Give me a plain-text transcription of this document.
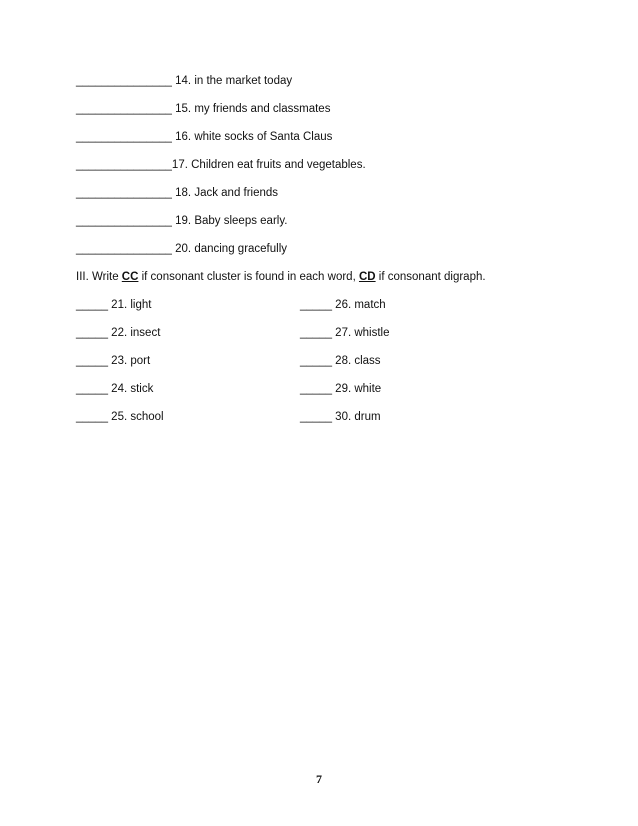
_______________ 14. in the market today
_______________ 15. my friends and classmates
_______________ 16. white socks of Santa Claus
_______________17. Children eat fruits and vegetables.
_______________ 18. Jack and friends
_______________ 19. Baby sleeps early.
_______________ 20. dancing gracefully
III. Write CC if consonant cluster is found in each word, CD if consonant digraph.
_____ 21. light
_____ 22. insect
_____ 23. port
_____ 24. stick
_____ 25. school
_____ 26. match
_____ 27. whistle
_____ 28. class
_____ 29. white
_____ 30. drum
7
